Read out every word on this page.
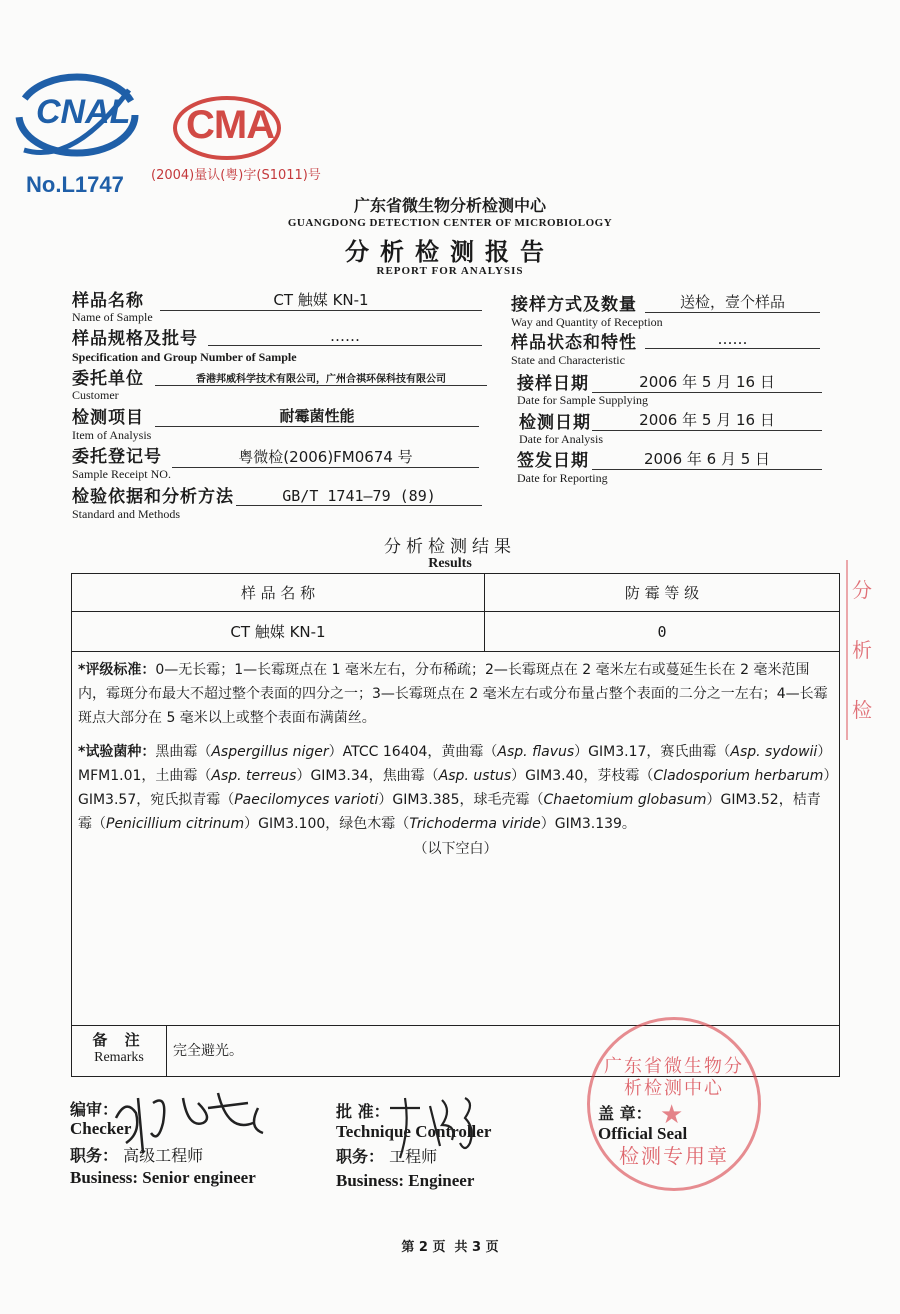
CNAL
No.L1747
CMA
(2004)量认(粤)字(S1011)号
广东省微生物分析检测中心
GUANGDONG DETECTION CENTER OF MICROBIOLOGY
分析检测报告
REPORT FOR ANALYSIS
样品名称	CT 触媒 KN-1
Name of Sample
样品规格及批号	……
Specification and Group Number of Sample
委托单位	香港邦威科学技术有限公司，广州合祺环保科技有限公司
Customer
检测项目	耐霉菌性能
Item of Analysis
委托登记号	粤微检(2006)FM0674 号
Sample Receipt NO.
检验依据和分析方法	GB/T 1741—79 (89)
Standard and Methods
接样方式及数量	送检，壹个样品
Way and Quantity of Reception
样品状态和特性	……
State and Characteristic
接样日期	2006 年 5 月 16 日
Date for Sample Supplying
检测日期	2006 年 5 月 16 日
Date for Analysis
签发日期	2006 年 6 月 5 日
Date for Reporting
分析检测结果
Results
样 品 名 称	防 霉 等 级
CT 触媒 KN-1	0

*评级标准：0—无长霉；1—长霉斑点在 1 毫米左右，分布稀疏；2—长霉斑点在 2 毫米左右或蔓延生长在 2 毫米范围内，霉斑分布最大不超过整个表面的四分之一；3—长霉斑点在 2 毫米左右或分布量占整个表面的二分之一左右；4—长霉斑点大部分在 5 毫米以上或整个表面布满菌丝。
*试验菌种：黑曲霉（Aspergillus niger）ATCC 16404，黄曲霉（Asp. flavus）GIM3.17，赛氏曲霉（Asp. sydowii）MFM1.01，土曲霉（Asp. terreus）GIM3.34，焦曲霉（Asp. ustus）GIM3.40，芽枝霉（Cladosporium herbarum）GIM3.57，宛氏拟青霉（Paecilomyces varioti）GIM3.385，球毛壳霉（Chaetomium globasum）GIM3.52，桔青霉（Penicillium citrinum）GIM3.100，绿色木霉（Trichoderma viride）GIM3.139。
（以下空白）	

备 注
Remarks 完全避光。	
编审：
Checker
职务： 高级工程师
Business: Senior engineer
批 准：
Technique Controller
职务： 工程师
Business: Engineer
盖 章：
Official Seal
广东省微生物分析检测中心
★
检测专用章
分析检
第 2 页  共 3 页
